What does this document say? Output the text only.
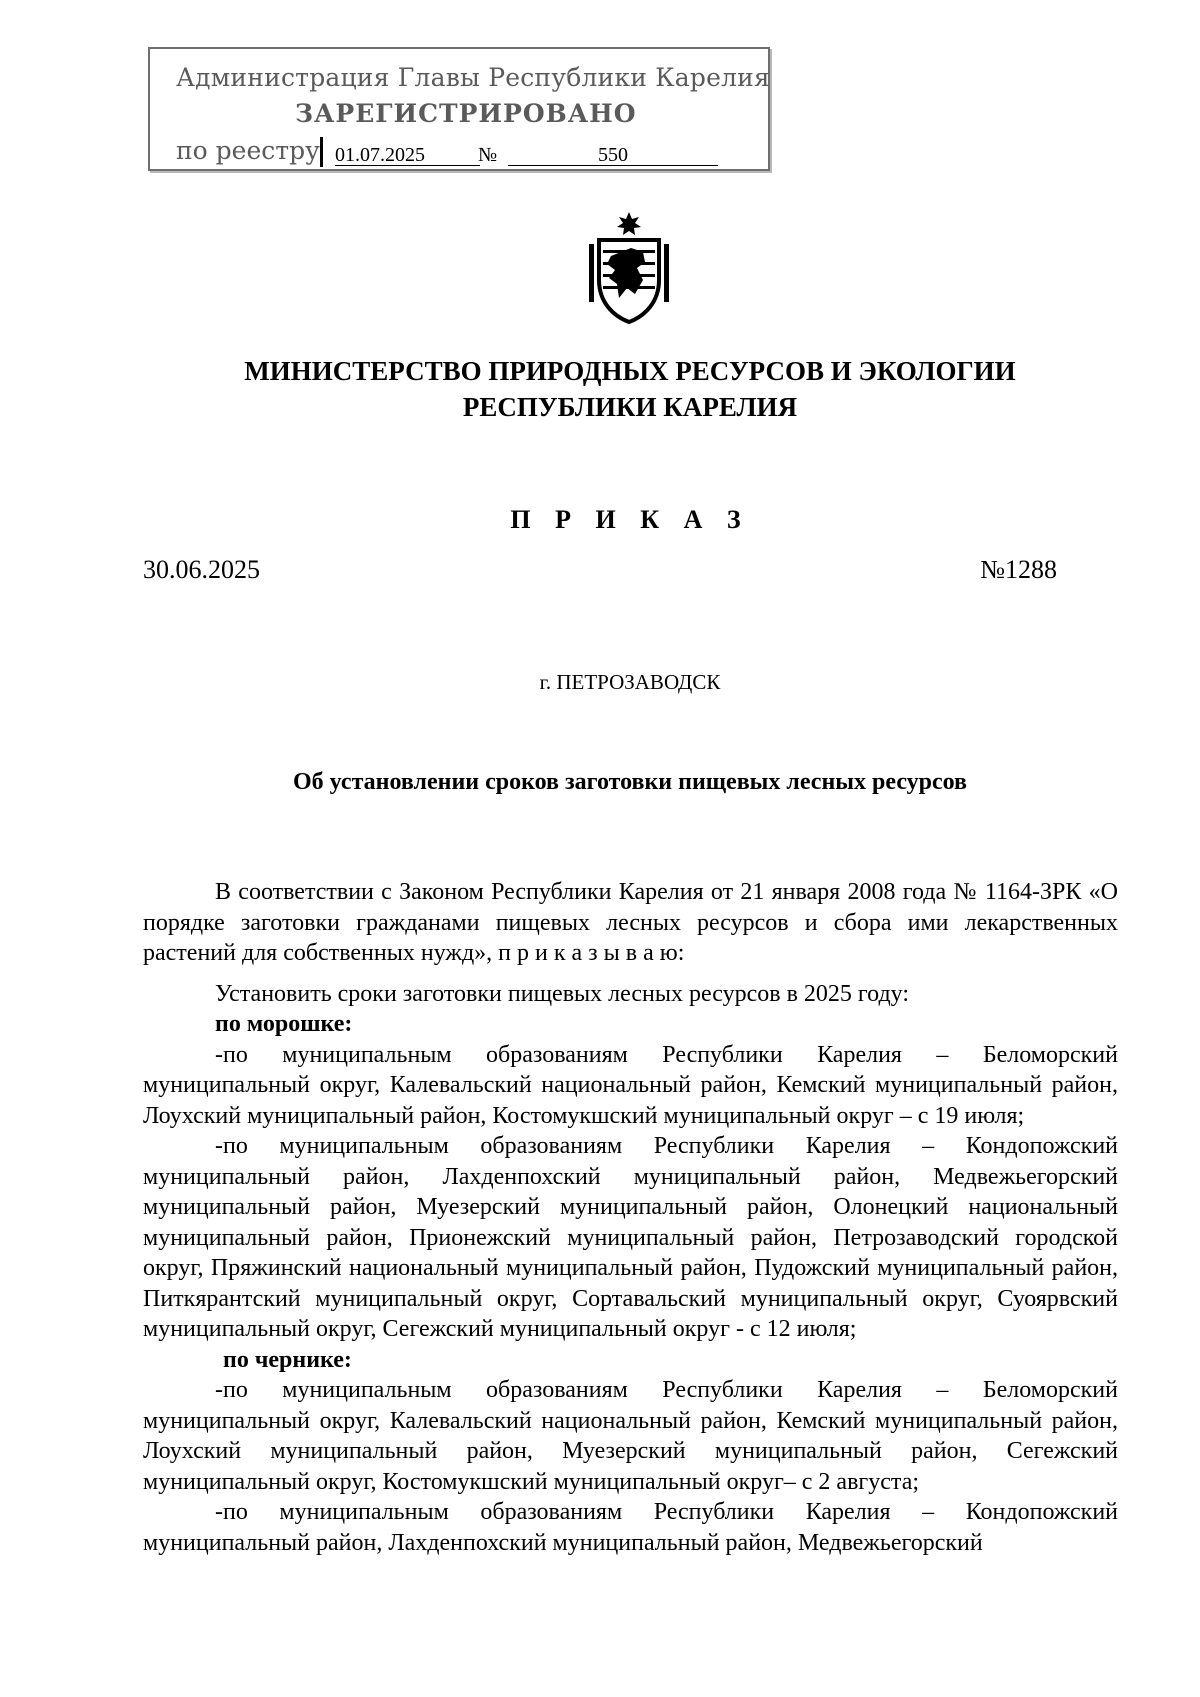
Администрация Главы Республики Карелия
ЗАРЕГИСТРИРОВАНО
по реестру 01.07.2025	№	550
МИНИСТЕРСТВО ПРИРОДНЫХ РЕСУРСОВ И ЭКОЛОГИИ
РЕСПУБЛИКИ КАРЕЛИЯ
П Р И К А З
30.06.2025	№1288
г. ПЕТРОЗАВОДСК
Об установлении сроков заготовки пищевых лесных ресурсов

В соответствии с Законом Республики Карелия от 21 января 2008 года № 1164-ЗРК «О порядке заготовки гражданами пищевых лесных ресурсов и сбора ими лекарственных растений для собственных нужд», п р и к а з ы в а ю:

Установить сроки заготовки пищевых лесных ресурсов в 2025 году:

по морошке:

-по муниципальным образованиям Республики Карелия – Беломорский муниципальный округ, Калевальский национальный район, Кемский муниципальный район, Лоухский муниципальный район, Костомукшский муниципальный округ – с 19 июля;

-по муниципальным образованиям Республики Карелия – Кондопожский муниципальный район, Лахденпохский муниципальный район, Медвежьегорский муниципальный район, Муезерский муниципальный район, Олонецкий национальный муниципальный район, Прионежский муниципальный район, Петрозаводский городской округ, Пряжинский национальный муниципальный район, Пудожский муниципальный район, Питкярантский муниципальный округ, Сортавальский муниципальный округ, Суоярвский муниципальный округ, Сегежский муниципальный округ - с 12 июля;

по чернике:

-по муниципальным образованиям Республики Карелия – Беломорский муниципальный округ, Калевальский национальный район, Кемский муниципальный район, Лоухский муниципальный район, Муезерский муниципальный район, Сегежский муниципальный округ, Костомукшский муниципальный округ– с 2 августа;

-по муниципальным образованиям Республики Карелия – Кондопожский муниципальный район, Лахденпохский муниципальный район, Медвежьегорский
